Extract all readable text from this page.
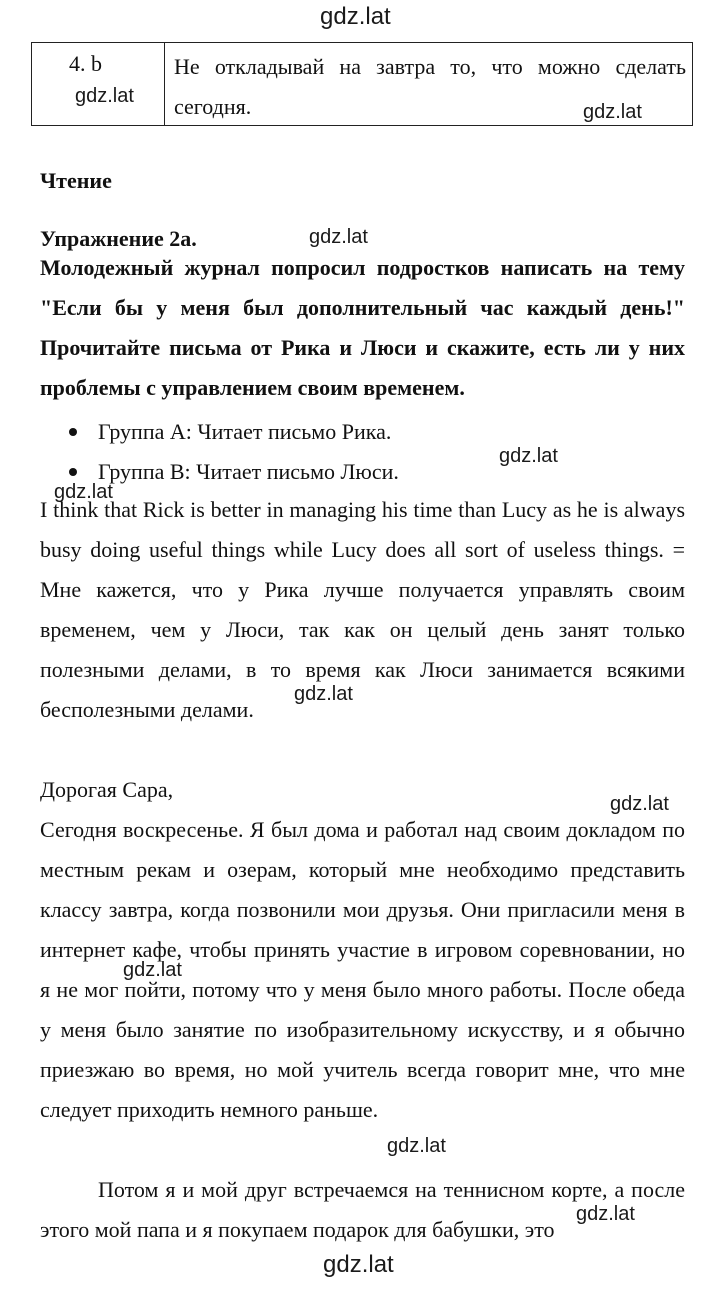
gdz.lat
gdz.lat
gdz.lat
gdz.lat
gdz.lat
gdz.lat
gdz.lat
gdz.lat
gdz.lat
gdz.lat
gdz.lat
gdz.lat
4. b	Не откладывай на завтра то, что можно сделать сегодня.
Чтение
Упражнение 2a.
Молодежный журнал попросил подростков написать на тему "Если бы у меня был дополнительный час каждый день!" Прочитайте письма от Рика и Люси и скажите, есть ли у них проблемы с управлением своим временем.
Группа А: Читает письмо Рика.
Группа В: Читает письмо Люси.
I think that Rick is better in managing his time than Lucy as he is always busy doing useful things while Lucy does all sort of useless things. = Мне кажется, что у Рика лучше получается управлять своим временем, чем у Люси, так как он целый день занят только полезными делами, в то время как Люси занимается всякими бесполезными делами.
Дорогая Сара,
Сегодня воскресенье. Я был дома и работал над своим докладом по местным рекам и озерам, который мне необходимо представить классу завтра, когда позвонили мои друзья. Они пригласили меня в интернет кафе, чтобы принять участие в игровом соревновании, но я не мог пойти, потому что у меня было много работы. После обеда у меня было занятие по изобразительному искусству, и я обычно приезжаю во время, но мой учитель всегда говорит мне, что мне следует приходить немного раньше.
Потом я и мой друг встречаемся на теннисном корте, а после этого мой папа и я покупаем подарок для бабушки, это
